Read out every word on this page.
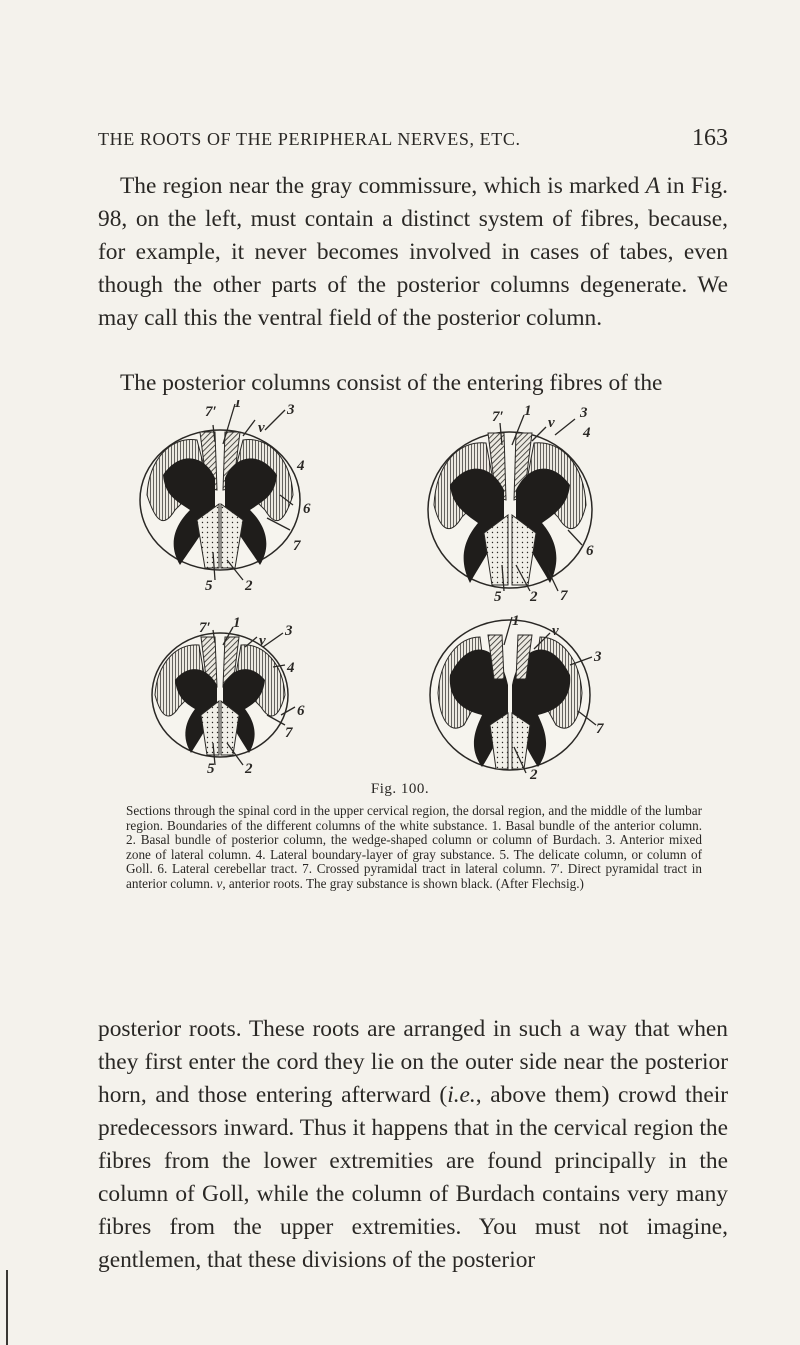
THE ROOTS OF THE PERIPHERAL NERVES, ETC.	163

The region near the gray commissure, which is marked A in Fig. 98, on the left, must contain a distinct system of fibres, because, for example, it never becomes involved in cases of tabes, even though the other parts of the posterior columns degenerate. We may call this the ventral field of the posterior column.

The posterior columns consist of the entering fibres of the

7′
1
v
3
4
6
7
5 2
7′ 1
v
3
4
6
7
5 2
7′ 1
v
3
4
6
7
5 2
1
v
3
7
2
Fig. 100.

Sections through the spinal cord in the upper cervical region, the dorsal region, and the middle of the lumbar region. Boundaries of the different columns of the white substance. 1. Basal bundle of the anterior column. 2. Basal bundle of posterior column, the wedge-shaped column or column of Burdach. 3. Anterior mixed zone of lateral column. 4. Lateral boundary-layer of gray substance. 5. The delicate column, or column of Goll. 6. Lateral cerebellar tract. 7. Crossed pyramidal tract in lateral column. 7′. Direct pyramidal tract in anterior column. v, anterior roots. The gray substance is shown black. (After Flechsig.)

posterior roots. These roots are arranged in such a way that when they first enter the cord they lie on the outer side near the posterior horn, and those entering afterward (i.e., above them) crowd their predecessors inward. Thus it happens that in the cervical region the fibres from the lower extremities are found principally in the column of Goll, while the column of Burdach contains very many fibres from the upper extremities. You must not imagine, gentlemen, that these divisions of the posterior
